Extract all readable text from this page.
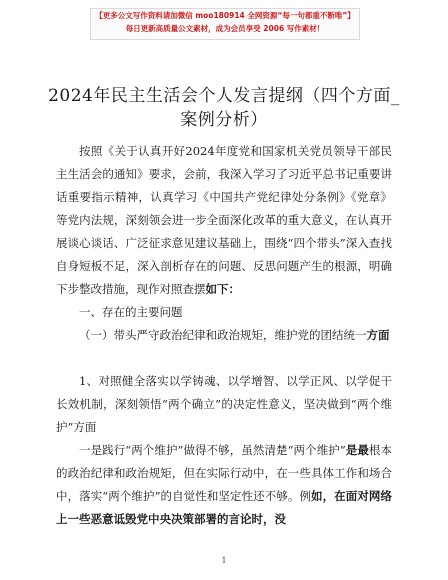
【更多公文写作资料请加微信 moo180914 全网资源“每一句都重不断唯”】
每日更新高质量公文素材，成为会员享受 2006 写作素材！
2024年民主生活会个人发言提纲（四个方面_
案例分析）

按照《关于认真开好2024年度党和国家机关党员领导干部民主生活会的通知》要求，会前，我深入学习了习近平总书记重要讲话重要指示精神，认真学习《中国共产党纪律处分条例》《党章》等党内法规，深刻领会进一步全面深化改革的重大意义，在认真开展谈心谈话、广泛征求意见建议基础上，围绕“四个带头”深入查找自身短板不足，深入剖析存在的问题、反思问题产生的根源，明确下步整改措施，现作对照查摆如下：

一、存在的主要问题

（一）带头严守政治纪律和政治规矩，维护党的团结统一方面

1、对照健全落实以学铸魂、以学增智、以学正风、以学促干长效机制，深刻领悟“两个确立”的决定性意义，坚决做到“两个维护”方面

一是践行“两个维护”做得不够，虽然清楚“两个维护”是最根本的政治纪律和政治规矩，但在实际行动中，在一些具体工作和场合中，落实“两个维护”的自觉性和坚定性还不够。例如，在面对网络上一些恶意诋毁党中央决策部署的言论时，没

1
